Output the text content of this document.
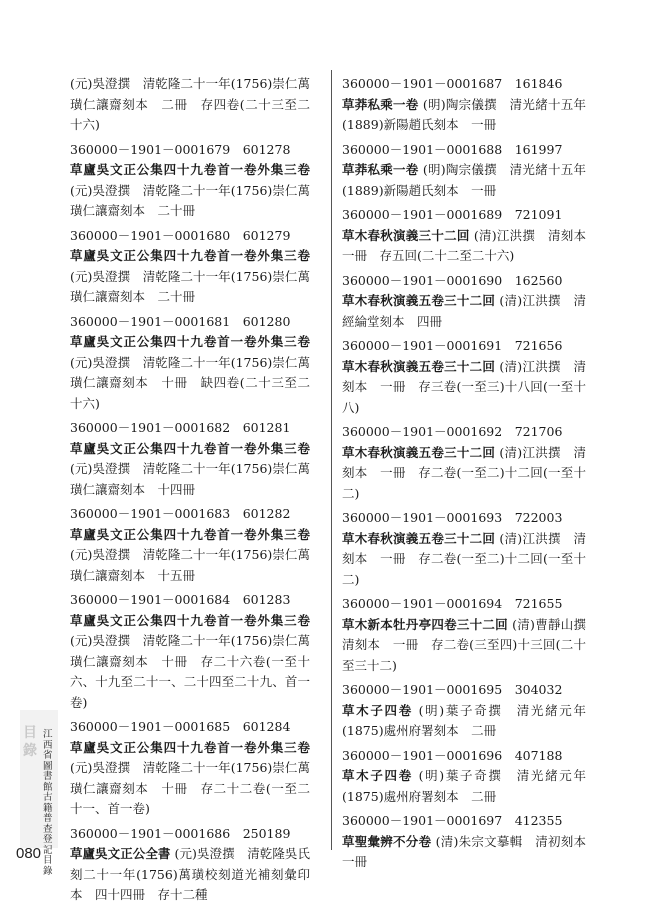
(元)吳澄撰　清乾隆二十一年(1756)崇仁萬璜仁讓齋刻本　二冊　存四卷(二十三至二十六)
360000－1901－0001679　601278
草廬吳文正公集四十九卷首一卷外集三卷 (元)吳澄撰　清乾隆二十一年(1756)崇仁萬璜仁讓齋刻本　二十冊
360000－1901－0001680　601279
草廬吳文正公集四十九卷首一卷外集三卷 (元)吳澄撰　清乾隆二十一年(1756)崇仁萬璜仁讓齋刻本　二十冊
360000－1901－0001681　601280
草廬吳文正公集四十九卷首一卷外集三卷 (元)吳澄撰　清乾隆二十一年(1756)崇仁萬璜仁讓齋刻本　十冊　缺四卷(二十三至二十六)
360000－1901－0001682　601281
草廬吳文正公集四十九卷首一卷外集三卷 (元)吳澄撰　清乾隆二十一年(1756)崇仁萬璜仁讓齋刻本　十四冊
360000－1901－0001683　601282
草廬吳文正公集四十九卷首一卷外集三卷 (元)吳澄撰　清乾隆二十一年(1756)崇仁萬璜仁讓齋刻本　十五冊
360000－1901－0001684　601283
草廬吳文正公集四十九卷首一卷外集三卷 (元)吳澄撰　清乾隆二十一年(1756)崇仁萬璜仁讓齋刻本　十冊　存二十六卷(一至十六、十九至二十一、二十四至二十九、首一卷)
360000－1901－0001685　601284
草廬吳文正公集四十九卷首一卷外集三卷 (元)吳澄撰　清乾隆二十一年(1756)崇仁萬璜仁讓齋刻本　十冊　存二十二卷(一至二十一、首一卷)
360000－1901－0001686　250189
草廬吳文正公全書 (元)吳澄撰　清乾隆吳氏刻二十一年(1756)萬璜校刻道光補刻彙印本　四十四冊　存十二種
360000－1901－0001687　161846
草莽私乘一卷 (明)陶宗儀撰　清光緒十五年(1889)新陽趙氏刻本　一冊
360000－1901－0001688　161997
草莽私乘一卷 (明)陶宗儀撰　清光緒十五年(1889)新陽趙氏刻本　一冊
360000－1901－0001689　721091
草木春秋演義三十二回 (清)江洪撰　清刻本　一冊　存五回(二十二至二十六)
360000－1901－0001690　162560
草木春秋演義五卷三十二回 (清)江洪撰　清經綸堂刻本　四冊
360000－1901－0001691　721656
草木春秋演義五卷三十二回 (清)江洪撰　清刻本　一冊　存三卷(一至三)十八回(一至十八)
360000－1901－0001692　721706
草木春秋演義五卷三十二回 (清)江洪撰　清刻本　一冊　存二卷(一至二)十二回(一至十二)
360000－1901－0001693　722003
草木春秋演義五卷三十二回 (清)江洪撰　清刻本　一冊　存二卷(一至二)十二回(一至十二)
360000－1901－0001694　721655
草木新本牡丹亭四卷三十二回 (清)曹靜山撰　清刻本　一冊　存二卷(三至四)十三回(二十至三十二)
360000－1901－0001695　304032
草木子四卷 (明)葉子奇撰　清光緒元年(1875)處州府署刻本　二冊
360000－1901－0001696　407188
草木子四卷 (明)葉子奇撰　清光緒元年(1875)處州府署刻本　二冊
360000－1901－0001697　412355
草聖彙辨不分卷 (清)朱宗文摹輯　清初刻本　一冊
目錄
江西省圖書館古籍普查登記目錄
080
